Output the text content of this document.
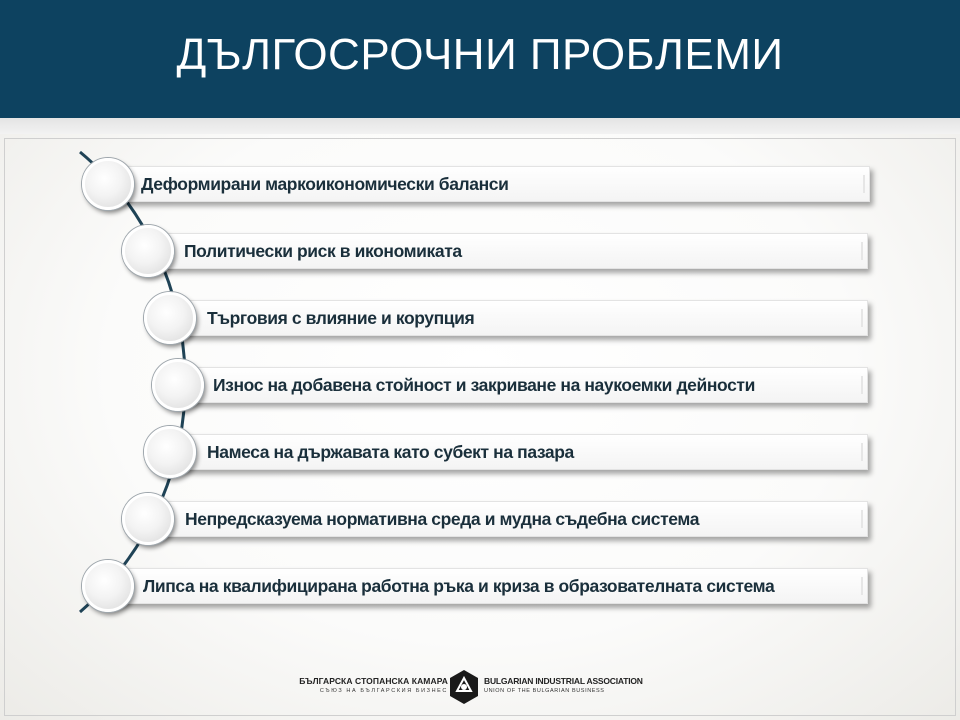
ДЪЛГОСРОЧНИ ПРОБЛЕМИ
Деформирани маркоикономически баланси
Политически риск в икономиката
Търговия с влияние и корупция
Износ на добавена стойност и закриване на наукоемки дейности
Намеса на държавата като субект на пазара
Непредсказуема нормативна среда и мудна съдебна система
Липса на квалифицирана работна ръка и криза в образователната система
БЪЛГАРСКА СТОПАНСКА КАМАРА
СЪЮЗ НА БЪЛГАРСКИЯ БИЗНЕС
BULGARIAN INDUSTRIAL ASSOCIATION
UNION OF THE BULGARIAN BUSINESS
